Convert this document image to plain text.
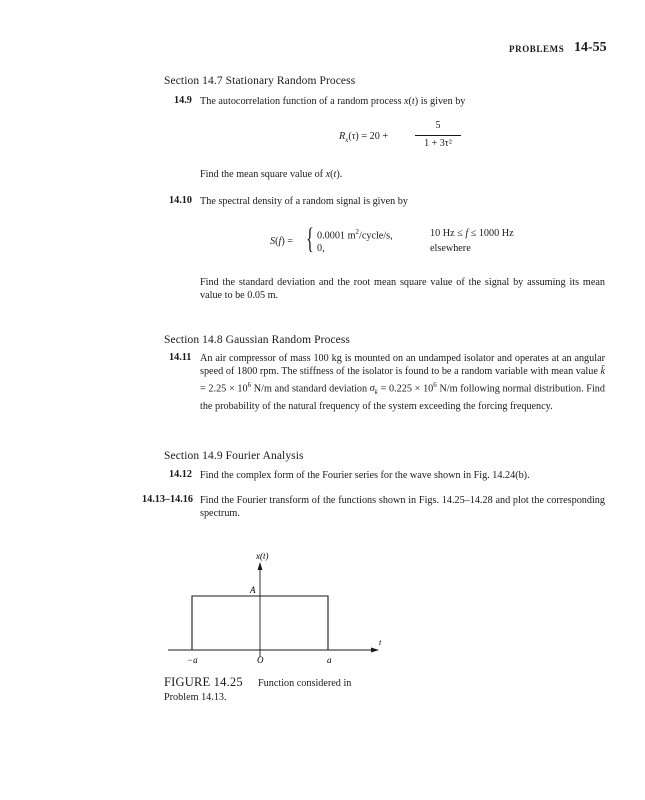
PROBLEMS 14-55
Section 14.7 Stationary Random Process
14.9 The autocorrelation function of a random process x(t) is given by
$R_x(\tau) = 20$ +
5
1 + 3τ²
Find the mean square value of x(t).
14.10 The spectral density of a random signal is given by
S(f) = { 0.0001 $m^2/cycle/s$,	10 Hz ≤ f ≤ 1000 Hz
0,	elsewhere
Find the standard deviation and the root mean square value of the signal by assuming its mean value to be 0.05 m.
Section 14.8 Gaussian Random Process
14.11 An air compressor of mass 100 kg is mounted on an undamped isolator and operates at an angular speed of 1800 rpm. The stiffness of the isolator is found to be a random variable with mean value k̄ = $2.25 \times 10^6$ N/m and standard deviation $\sigma_k = 0.225 \times 10^6$ N/m following normal distribution. Find the probability of the natural frequency of the system exceeding the forcing frequency.
Section 14.9 Fourier Analysis
14.12 Find the complex form of the Fourier series for the wave shown in Fig. 14.24(b).
14.13–14.16 Find the Fourier transform of the functions shown in Figs. 14.25–14.28 and plot the corresponding spectrum.
x(t)
t
A
−a	O	a
FIGURE 14.25 Function considered in
Problem 14.13.
